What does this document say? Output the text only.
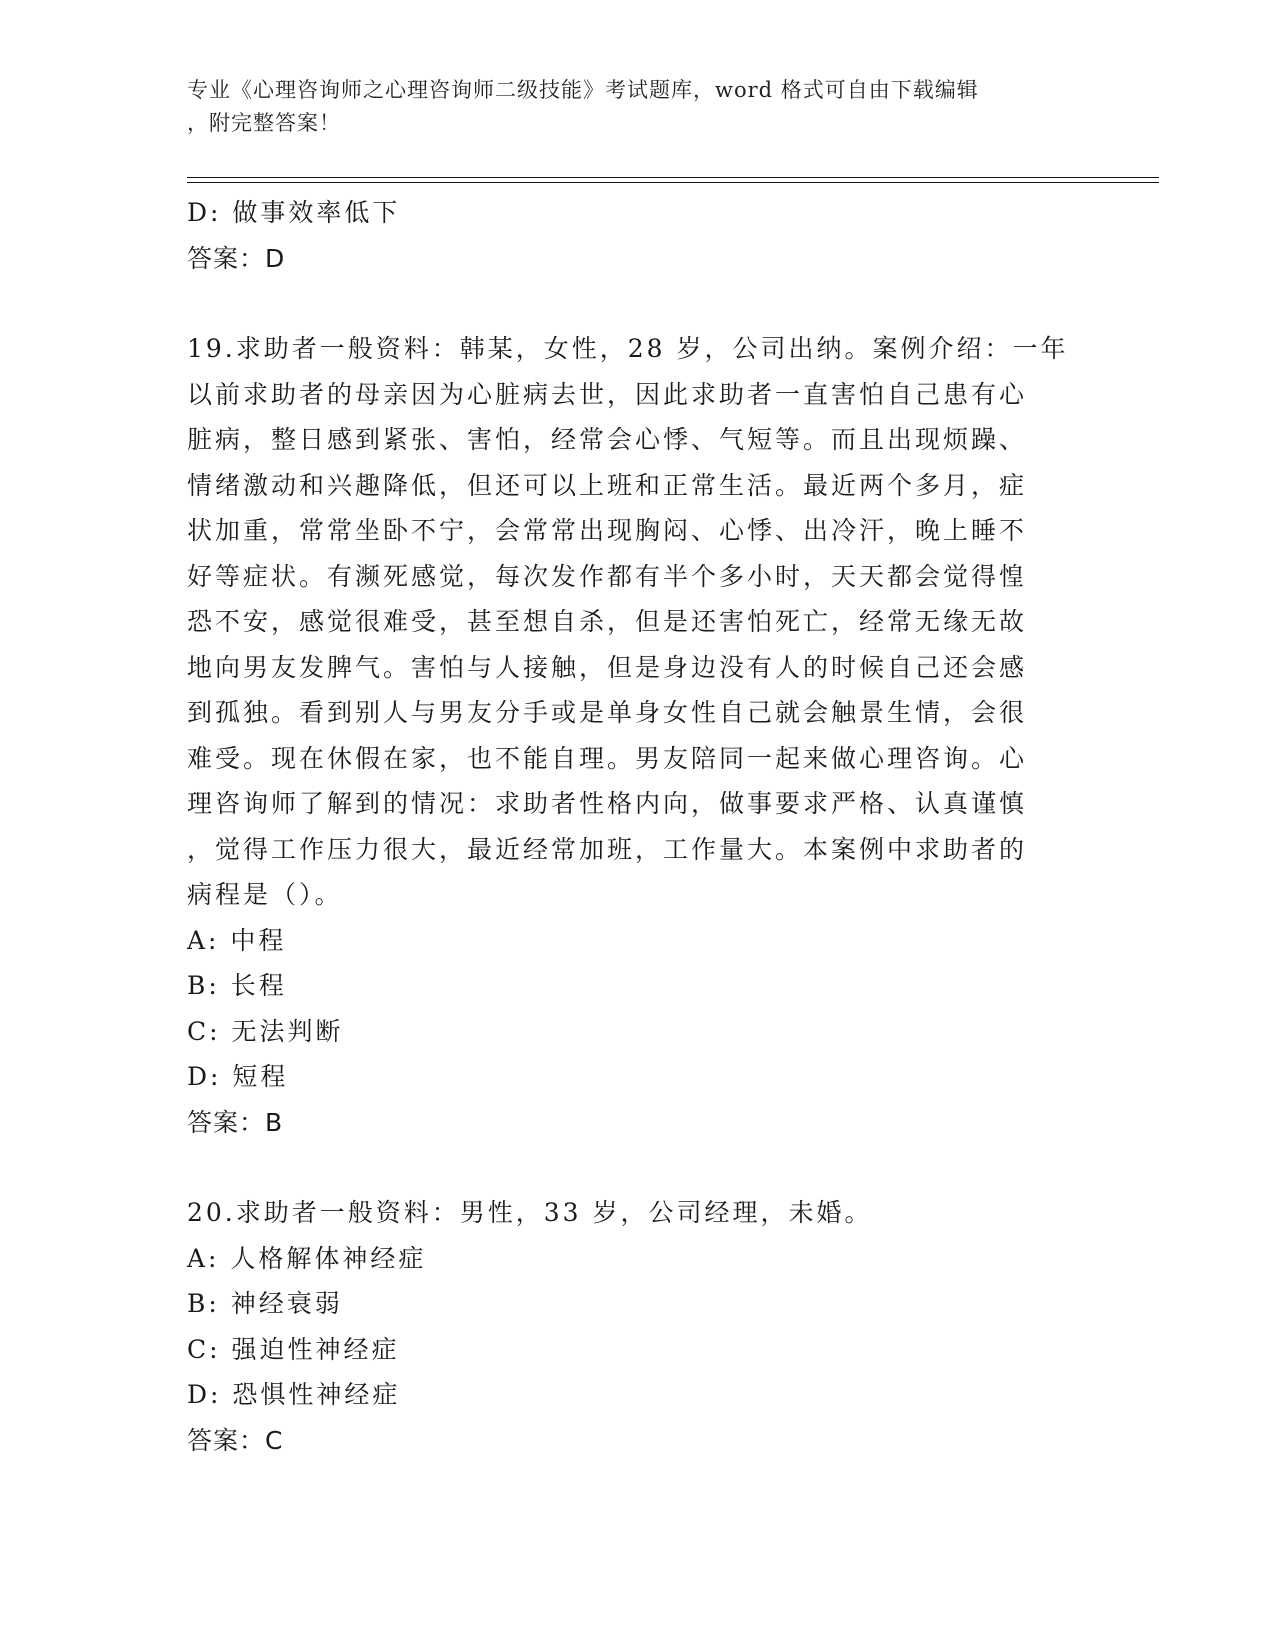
专业《心理咨询师之心理咨询师二级技能》考试题库，word 格式可自由下载编辑
，附完整答案！
D: 做事效率低下
答案：D
19.求助者一般资料：韩某，女性，28 岁，公司出纳。案例介绍：一年
以前求助者的母亲因为心脏病去世，因此求助者一直害怕自己患有心
脏病，整日感到紧张、害怕，经常会心悸、气短等。而且出现烦躁、
情绪激动和兴趣降低，但还可以上班和正常生活。最近两个多月，症
状加重，常常坐卧不宁，会常常出现胸闷、心悸、出冷汗，晚上睡不
好等症状。有濒死感觉，每次发作都有半个多小时，天天都会觉得惶
恐不安，感觉很难受，甚至想自杀，但是还害怕死亡，经常无缘无故
地向男友发脾气。害怕与人接触，但是身边没有人的时候自己还会感
到孤独。看到别人与男友分手或是单身女性自己就会触景生情，会很
难受。现在休假在家，也不能自理。男友陪同一起来做心理咨询。心
理咨询师了解到的情况：求助者性格内向，做事要求严格、认真谨慎
，觉得工作压力很大，最近经常加班，工作量大。本案例中求助者的
病程是（）。
A: 中程
B: 长程
C: 无法判断
D: 短程
答案：B
20.求助者一般资料：男性，33 岁，公司经理，未婚。
A: 人格解体神经症
B: 神经衰弱
C: 强迫性神经症
D: 恐惧性神经症
答案：C
